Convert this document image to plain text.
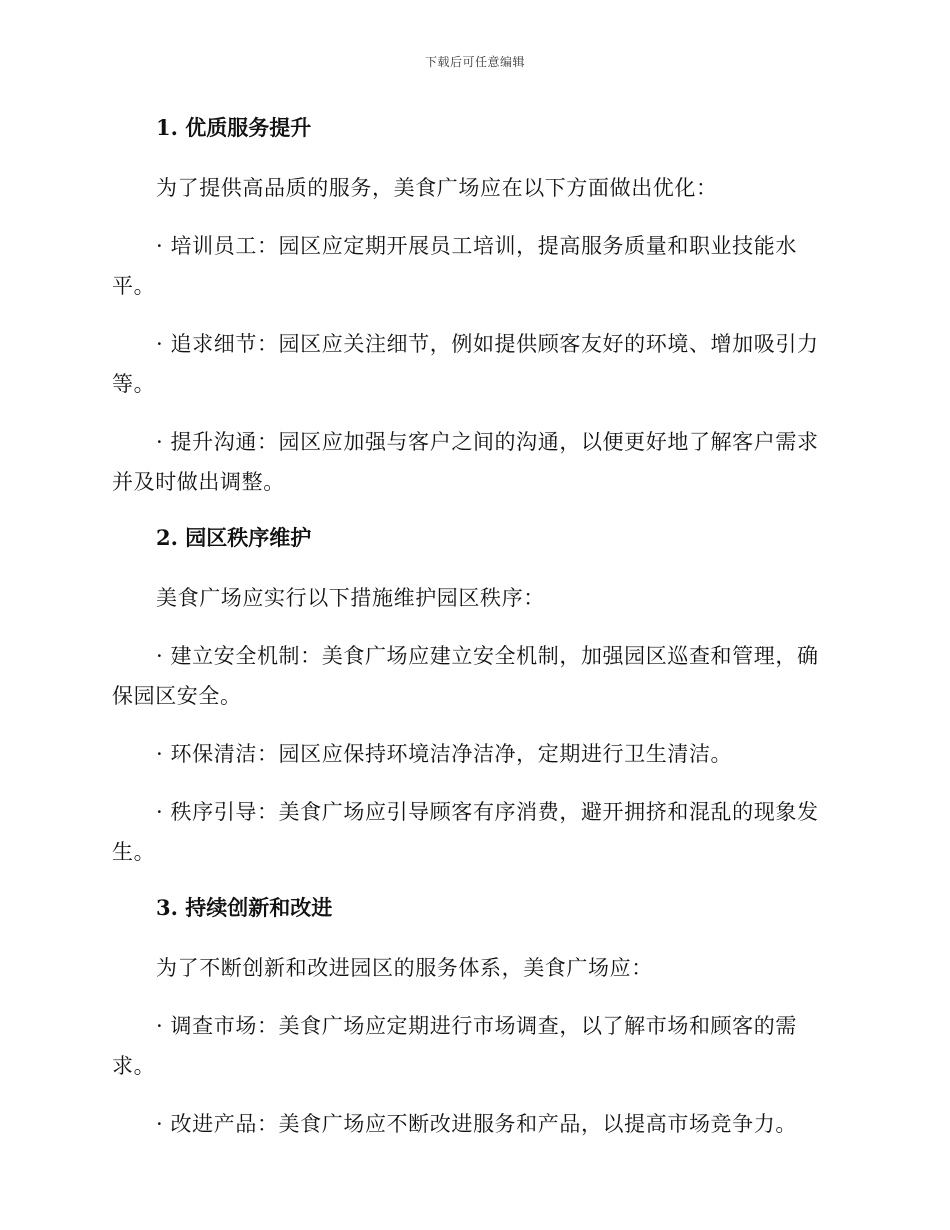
下载后可任意编辑
1. 优质服务提升

为了提供高品质的服务，美食广场应在以下方面做出优化：

· 培训员工：园区应定期开展员工培训，提高服务质量和职业技能水平。

· 追求细节：园区应关注细节，例如提供顾客友好的环境、增加吸引力等。

· 提升沟通：园区应加强与客户之间的沟通，以便更好地了解客户需求并及时做出调整。

2. 园区秩序维护

美食广场应实行以下措施维护园区秩序：

· 建立安全机制：美食广场应建立安全机制，加强园区巡查和管理，确保园区安全。

· 环保清洁：园区应保持环境洁净洁净，定期进行卫生清洁。

· 秩序引导：美食广场应引导顾客有序消费，避开拥挤和混乱的现象发生。

3. 持续创新和改进

为了不断创新和改进园区的服务体系，美食广场应：

· 调查市场：美食广场应定期进行市场调查，以了解市场和顾客的需求。

· 改进产品：美食广场应不断改进服务和产品，以提高市场竞争力。
